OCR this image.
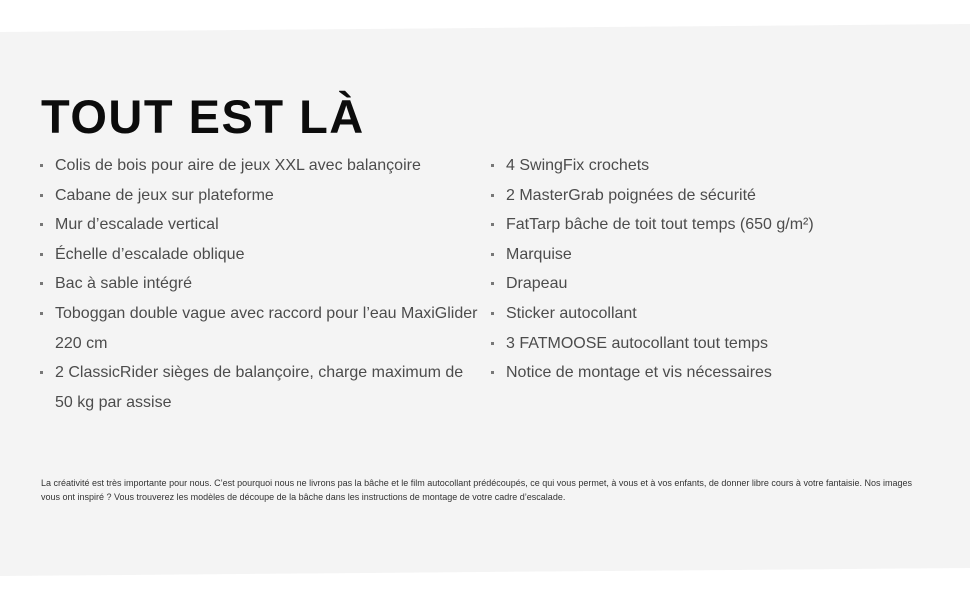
TOUT EST LÀ
Colis de bois pour aire de jeux XXL avec balançoire
Cabane de jeux sur plateforme
Mur d’escalade vertical
Échelle d’escalade oblique
Bac à sable intégré
Toboggan double vague avec raccord pour l’eau MaxiGlider 220 cm
2 ClassicRider sièges de balançoire, charge maximum de 50 kg par assise
4 SwingFix crochets
2 MasterGrab poignées de sécurité
FatTarp bâche de toit tout temps (650 g/m²)
Marquise
Drapeau
Sticker autocollant
3 FATMOOSE autocollant tout temps
Notice de montage et vis nécessaires

La créativité est très importante pour nous. C’est pourquoi nous ne livrons pas la bâche et le film autocollant prédécoupés, ce qui vous permet, à vous et à vos enfants, de donner libre cours à votre fantaisie. Nos images vous ont inspiré ? Vous trouverez les modèles de découpe de la bâche dans les instructions de montage de votre cadre d’escalade.
